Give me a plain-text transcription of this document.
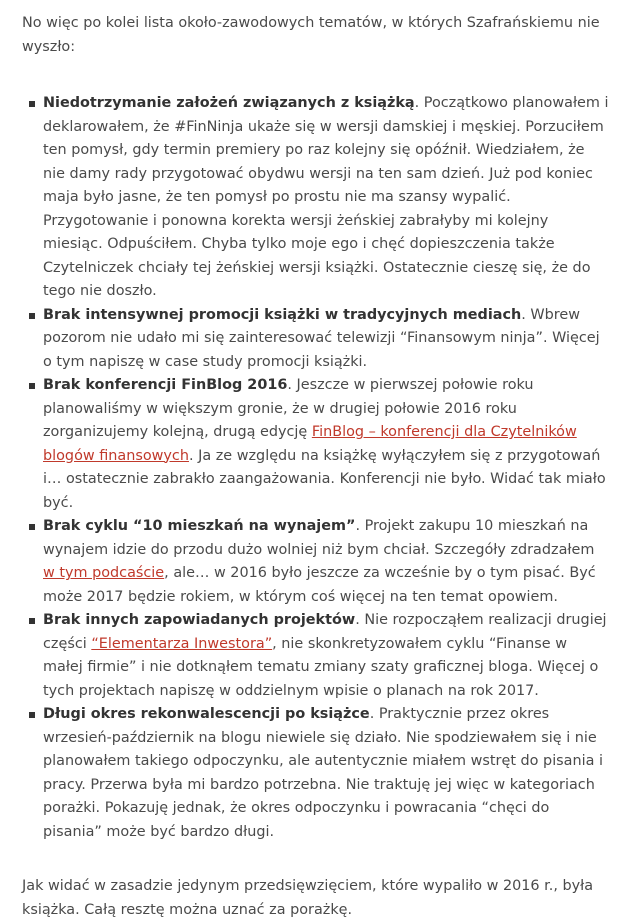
No więc po kolei lista około-zawodowych tematów, w których Szafrańskiemu nie wyszło:

Niedotrzymanie założeń związanych z książką. Początkowo planowałem i deklarowałem, że #FinNinja ukaże się w wersji damskiej i męskiej. Porzuciłem ten pomysł, gdy termin premiery po raz kolejny się opóźnił. Wiedziałem, że nie damy rady przygotować obydwu wersji na ten sam dzień. Już pod koniec maja było jasne, że ten pomysł po prostu nie ma szansy wypalić. Przygotowanie i ponowna korekta wersji żeńskiej zabrałyby mi kolejny miesiąc. Odpuściłem. Chyba tylko moje ego i chęć dopieszczenia także Czytelniczek chciały tej żeńskiej wersji książki. Ostatecznie cieszę się, że do tego nie doszło.
Brak intensywnej promocji książki w tradycyjnych mediach. Wbrew pozorom nie udało mi się zainteresować telewizji “Finansowym ninja”. Więcej o tym napiszę w case study promocji książki.
Brak konferencji FinBlog 2016. Jeszcze w pierwszej połowie roku planowaliśmy w większym gronie, że w drugiej połowie 2016 roku zorganizujemy kolejną, drugą edycję FinBlog – konferencji dla Czytelników blogów finansowych. Ja ze względu na książkę wyłączyłem się z przygotowań i… ostatecznie zabrakło zaangażowania. Konferencji nie było. Widać tak miało być.
Brak cyklu “10 mieszkań na wynajem”. Projekt zakupu 10 mieszkań na wynajem idzie do przodu dużo wolniej niż bym chciał. Szczegóły zdradzałem w tym podcaście, ale… w 2016 było jeszcze za wcześnie by o tym pisać. Być może 2017 będzie rokiem, w którym coś więcej na ten temat opowiem.
Brak innych zapowiadanych projektów. Nie rozpocząłem realizacji drugiej części “Elementarza Inwestora”, nie skonkretyzowałem cyklu “Finanse w małej firmie” i nie dotknąłem tematu zmiany szaty graficznej bloga. Więcej o tych projektach napiszę w oddzielnym wpisie o planach na rok 2017.
Długi okres rekonwalescencji po książce. Praktycznie przez okres wrzesień-październik na blogu niewiele się działo. Nie spodziewałem się i nie planowałem takiego odpoczynku, ale autentycznie miałem wstręt do pisania i pracy. Przerwa była mi bardzo potrzebna. Nie traktuję jej więc w kategoriach porażki. Pokazuję jednak, że okres odpoczynku i powracania “chęci do pisania” może być bardzo długi.

Jak widać w zasadzie jedynym przedsięwzięciem, które wypaliło w 2016 r., była książka. Całą resztę można uznać za porażkę.
